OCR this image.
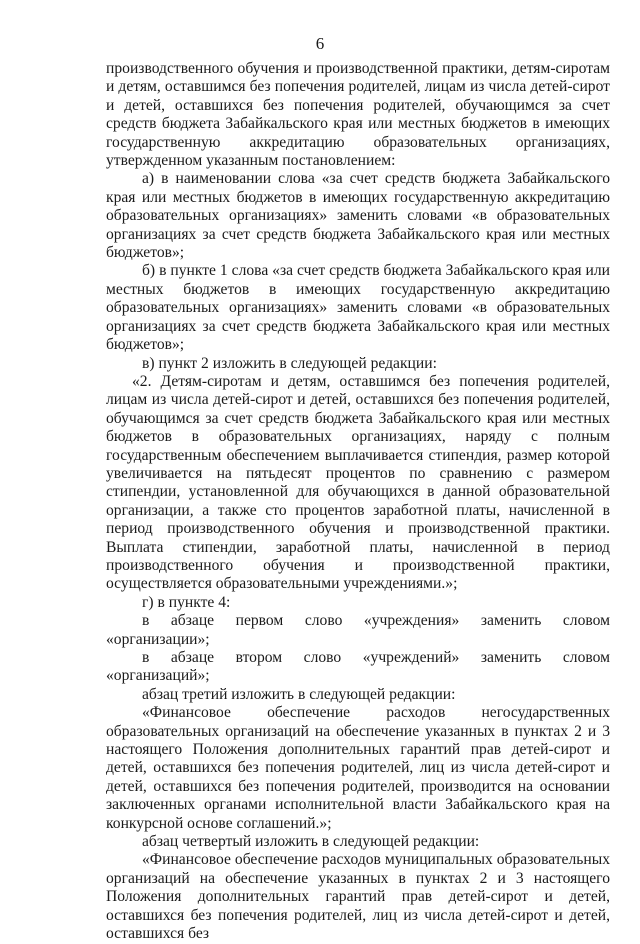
6

производственного обучения и производственной практики, детям-сиротам и детям, оставшимся без попечения родителей, лицам из числа детей-сирот и детей, оставшихся без попечения родителей, обучающимся за счет средств бюджета Забайкальского края или местных бюджетов в имеющих государственную аккредитацию образовательных организациях, утвержденном указанным постановлением:

а) в наименовании слова «за счет средств бюджета Забайкальского края или местных бюджетов в имеющих государственную аккредитацию образовательных организациях» заменить словами «в образовательных организациях за счет средств бюджета Забайкальского края или местных бюджетов»;

б) в пункте 1 слова «за счет средств бюджета Забайкальского края или местных бюджетов в имеющих государственную аккредитацию образовательных организациях» заменить словами «в образовательных организациях за счет средств бюджета Забайкальского края или местных бюджетов»;

в) пункт 2 изложить в следующей редакции:

«2. Детям-сиротам и детям, оставшимся без попечения родителей, лицам из числа детей-сирот и детей, оставшихся без попечения родителей, обучающимся за счет средств бюджета Забайкальского края или местных бюджетов в образовательных организациях, наряду с полным государственным обеспечением выплачивается стипендия, размер которой увеличивается на пятьдесят процентов по сравнению с размером стипендии, установленной для обучающихся в данной образовательной организации, а также сто процентов заработной платы, начисленной в период производственного обучения и производственной практики. Выплата стипендии, заработной платы, начисленной в период производственного обучения и производственной практики, осуществляется образовательными учреждениями.»;

г) в пункте 4:

в абзаце первом слово «учреждения» заменить словом «организации»;

в абзаце втором слово «учреждений» заменить словом «организаций»;

абзац третий изложить в следующей редакции:

«Финансовое обеспечение расходов негосударственных образовательных организаций на обеспечение указанных в пунктах 2 и 3 настоящего Положения дополнительных гарантий прав детей-сирот и детей, оставшихся без попечения родителей, лиц из числа детей-сирот и детей, оставшихся без попечения родителей, производится на основании заключенных органами исполнительной власти Забайкальского края на конкурсной основе соглашений.»;

абзац четвертый изложить в следующей редакции:

«Финансовое обеспечение расходов муниципальных образовательных организаций на обеспечение указанных в пунктах 2 и 3 настоящего Положения дополнительных гарантий прав детей-сирот и детей, оставшихся без попечения родителей, лиц из числа детей-сирот и детей, оставшихся без
